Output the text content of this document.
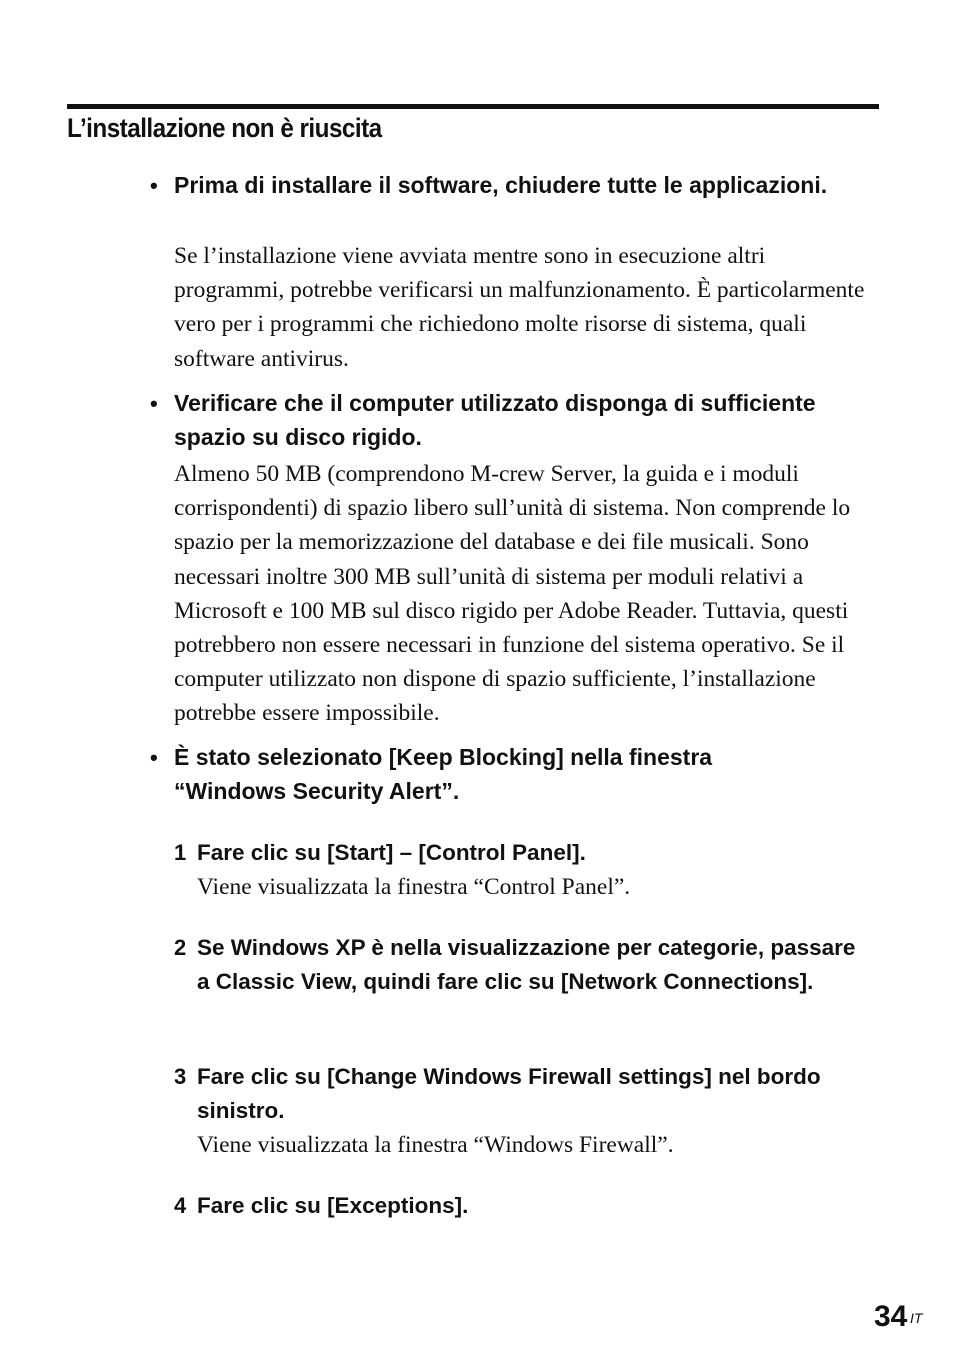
L’installazione non è riuscita
• Prima di installare il software, chiudere tutte le applicazioni.
Se l’installazione viene avviata mentre sono in esecuzione altri programmi, potrebbe verificarsi un malfunzionamento. È particolarmente vero per i programmi che richiedono molte risorse di sistema, quali software antivirus.
• Verificare che il computer utilizzato disponga di sufficiente spazio su disco rigido.
Almeno 50 MB (comprendono M-crew Server, la guida e i moduli corrispondenti) di spazio libero sull’unità di sistema. Non comprende lo spazio per la memorizzazione del database e dei file musicali. Sono necessari inoltre 300 MB sull’unità di sistema per moduli relativi a Microsoft e 100 MB sul disco rigido per Adobe Reader. Tuttavia, questi potrebbero non essere necessari in funzione del sistema operativo. Se il computer utilizzato non dispone di spazio sufficiente, l’installazione potrebbe essere impossibile.
• È stato selezionato [Keep Blocking] nella finestra “Windows Security Alert”.
1 Fare clic su [Start] – [Control Panel].
Viene visualizzata la finestra “Control Panel”.
2 Se Windows XP è nella visualizzazione per categorie, passare a Classic View, quindi fare clic su [Network Connections].
3 Fare clic su [Change Windows Firewall settings] nel bordo sinistro.
Viene visualizzata la finestra “Windows Firewall”.
4 Fare clic su [Exceptions].
34 IT
